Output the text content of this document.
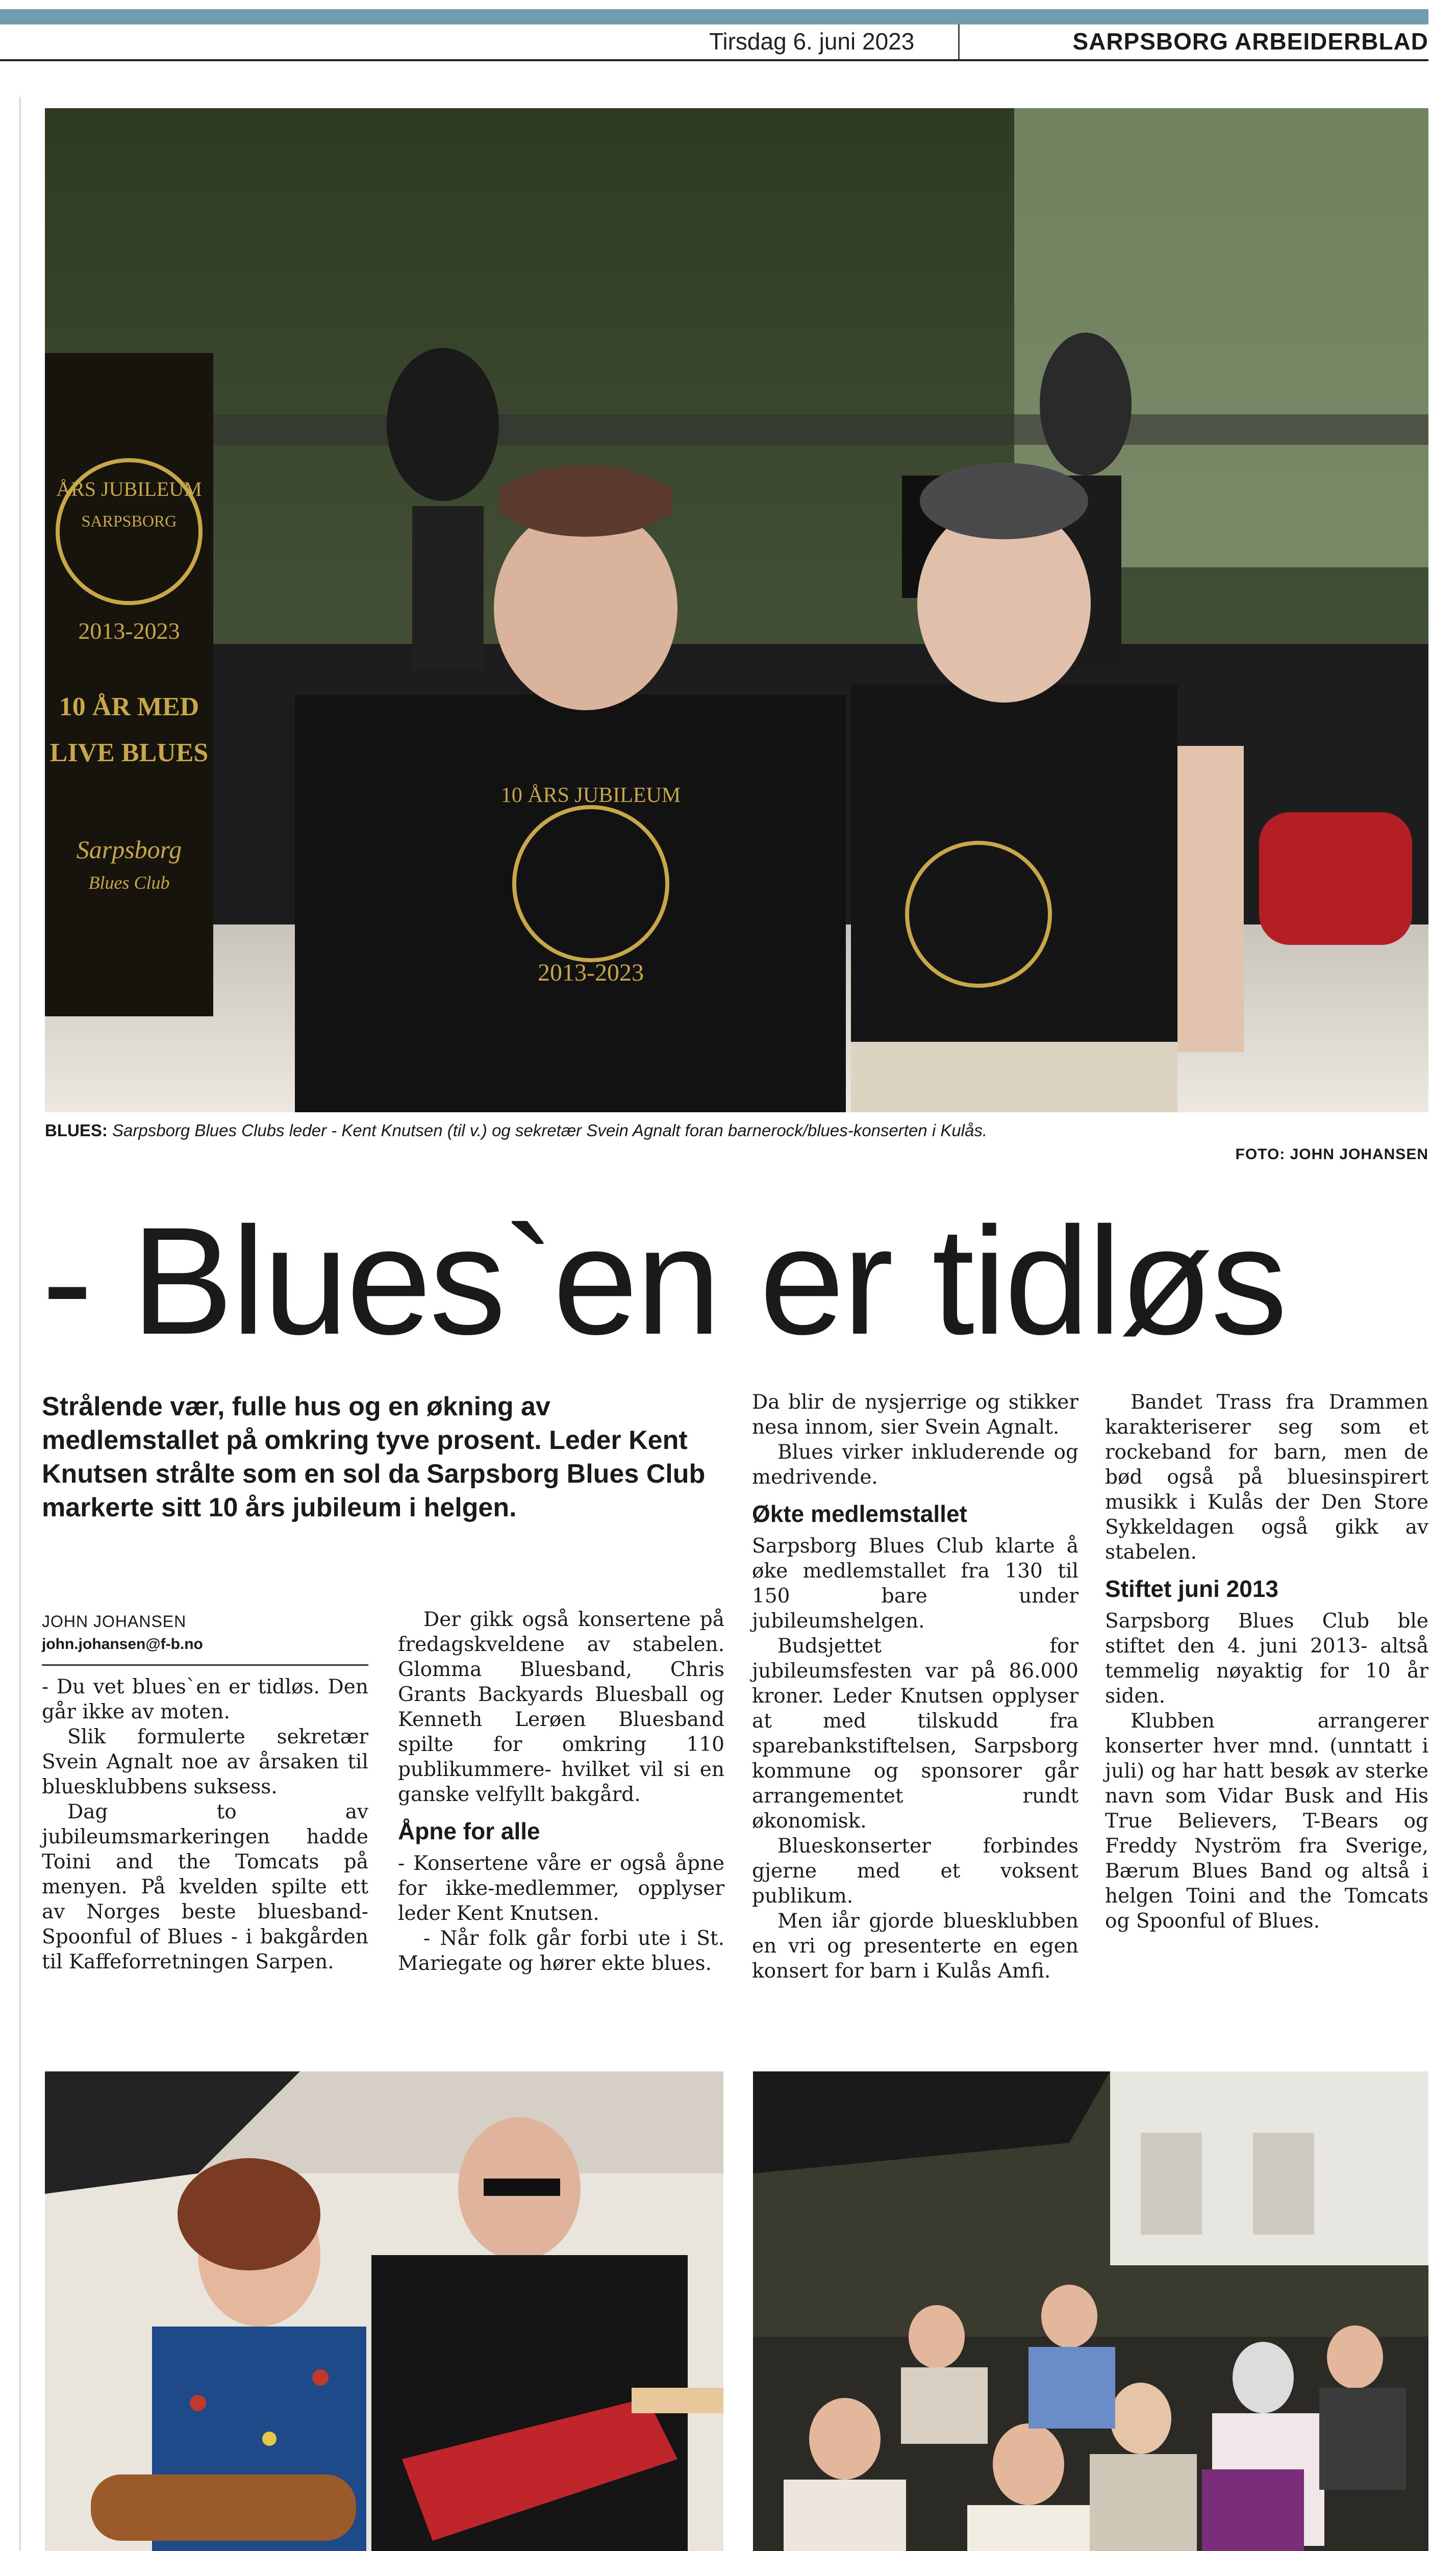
Tirsdag 6. juni 2023	SARPSBORG ARBEIDERBLAD
ÅRS JUBILEUM
SARPSBORG
2013-2023
10 ÅR MED
LIVE BLUES
Sarpsborg
Blues Club
10 ÅRS JUBILEUM
2013-2023
BLUES: Sarpsborg Blues Clubs leder - Kent Knutsen (til v.) og sekretær Svein Agnalt foran barnerock/blues-konserten i Kulås.
FOTO: JOHN JOHANSEN
- Blues`en er tidløs
Strålende vær, fulle hus og en økning av medlemstallet på omkring tyve prosent. Leder Kent Knutsen strålte som en sol da Sarpsborg Blues Club markerte sitt 10 års jubileum i helgen.
JOHN JOHANSEN
john.johansen@f-b.no

- Du vet blues`en er tidløs. Den går ikke av moten.

Slik formulerte sekretær Svein Agnalt noe av årsaken til bluesklubbens suksess.

Dag to av jubileumsmarkeringen hadde Toini and the Tomcats på menyen. På kvelden spilte ett av Norges beste bluesband- Spoonful of Blues - i bakgården til Kaffeforretningen Sarpen.

Der gikk også konsertene på fredagskveldene av stabelen. Glomma Bluesband, Chris Grants Backyards Bluesball og Kenneth Lerøen Bluesband spilte for omkring 110 publikummere- hvilket vil si en ganske velfyllt bakgård.

Åpne for alle

- Konsertene våre er også åpne for ikke-medlemmer, opplyser leder Kent Knutsen.

- Når folk går forbi ute i St. Mariegate og hører ekte blues.

Da blir de nysjerrige og stikker nesa innom, sier Svein Agnalt.

Blues virker inkluderende og medrivende.

Økte medlemstallet

Sarpsborg Blues Club klarte å øke medlemstallet fra 130 til 150 bare under jubileumshelgen.

Budsjettet for jubileumsfesten var på 86.000 kroner. Leder Knutsen opplyser at med tilskudd fra sparebankstiftelsen, Sarpsborg kommune og sponsorer går arrangementet rundt økonomisk.

Blueskonserter forbindes gjerne med et voksent publikum.

Men iår gjorde bluesklubben en vri og presenterte en egen konsert for barn i Kulås Amfi.

Bandet Trass fra Drammen karakteriserer seg som et rockeband for barn, men de bød også på bluesinspirert musikk i Kulås der Den Store Sykkeldagen også gikk av stabelen.

Stiftet juni 2013

Sarpsborg Blues Club ble stiftet den 4. juni 2013- altså temmelig nøyaktig for 10 år siden.

Klubben arrangerer konserter hver mnd. (unntatt i juli) og har hatt besøk av sterke navn som Vidar Busk and His True Believers, T-Bears og Freddy Nyström fra Sverige, Bærum Blues Band og altså i helgen Toini and the Tomcats og Spoonful of Blues.
